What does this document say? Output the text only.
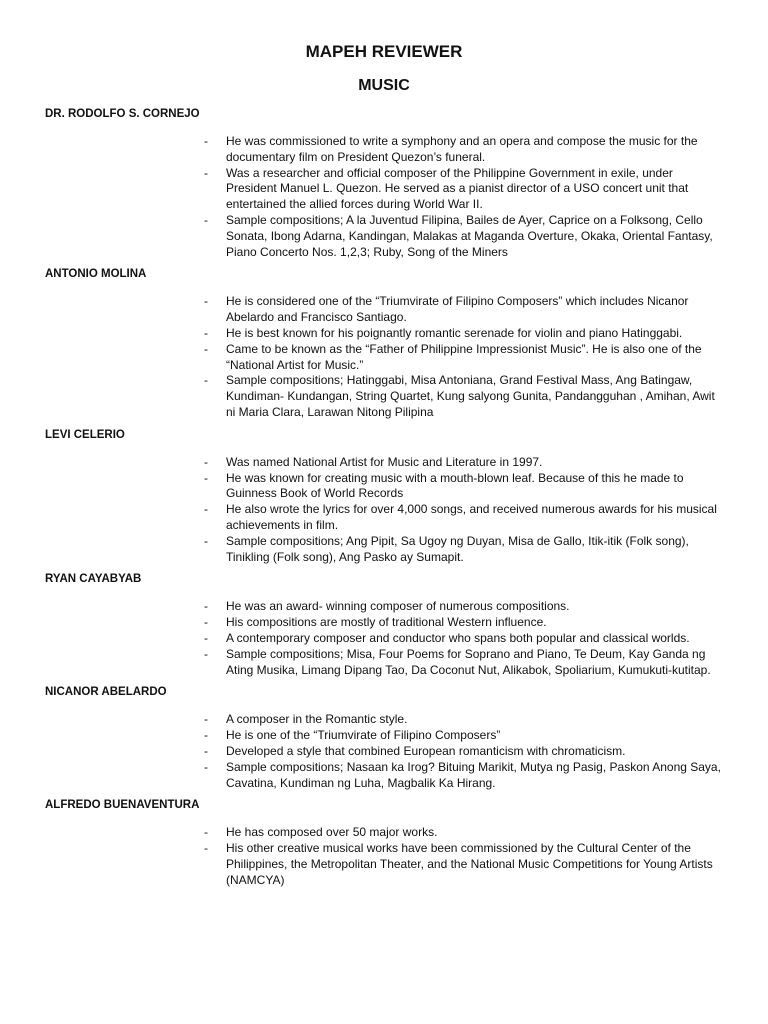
MAPEH REVIEWER
MUSIC
DR. RODOLFO S. CORNEJO
- He was commissioned to write a symphony and an opera and compose the music for the documentary film on President Quezon’s funeral.
- Was a researcher and official composer of the Philippine Government in exile, under President Manuel L. Quezon. He served as a pianist director of a USO concert unit that entertained the allied forces during World War II.
- Sample compositions; A la Juventud Filipina, Bailes de Ayer, Caprice on a Folksong, Cello Sonata, Ibong Adarna, Kandingan, Malakas at Maganda Overture, Okaka, Oriental Fantasy, Piano Concerto Nos. 1,2,3; Ruby, Song of the Miners
ANTONIO MOLINA
- He is considered one of the “Triumvirate of Filipino Composers” which includes Nicanor Abelardo and Francisco Santiago.
- He is best known for his poignantly romantic serenade for violin and piano Hatinggabi.
- Came to be known as the “Father of Philippine Impressionist Music”. He is also one of the “National Artist for Music.”
- Sample compositions; Hatinggabi, Misa Antoniana, Grand Festival Mass, Ang Batingaw, Kundiman- Kundangan, String Quartet, Kung salyong Gunita, Pandangguhan , Amihan, Awit ni Maria Clara, Larawan Nitong Pilipina
LEVI CELERIO
- Was named National Artist for Music and Literature in 1997.
- He was known for creating music with a mouth-blown leaf. Because of this he made to Guinness Book of World Records
- He also wrote the lyrics for over 4,000 songs, and received numerous awards for his musical achievements in film.
- Sample compositions; Ang Pipit, Sa Ugoy ng Duyan, Misa de Gallo, Itik-itik (Folk song), Tinikling (Folk song), Ang Pasko ay Sumapit.
RYAN CAYABYAB
- He was an award- winning composer of numerous compositions.
- His compositions are mostly of traditional Western influence.
- A contemporary composer and conductor who spans both popular and classical worlds.
- Sample compositions; Misa, Four Poems for Soprano and Piano, Te Deum, Kay Ganda ng Ating Musika, Limang Dipang Tao, Da Coconut Nut, Alikabok, Spoliarium, Kumukuti-kutitap.
NICANOR ABELARDO
- A composer in the Romantic style.
- He is one of the “Triumvirate of Filipino Composers”
- Developed a style that combined European romanticism with chromaticism.
- Sample compositions; Nasaan ka Irog? Bituing Marikit, Mutya ng Pasig, Paskon Anong Saya, Cavatina, Kundiman ng Luha, Magbalik Ka Hirang.
ALFREDO BUENAVENTURA
- He has composed over 50 major works.
- His other creative musical works have been commissioned by the Cultural Center of the Philippines, the Metropolitan Theater, and the National Music Competitions for Young Artists (NAMCYA)
